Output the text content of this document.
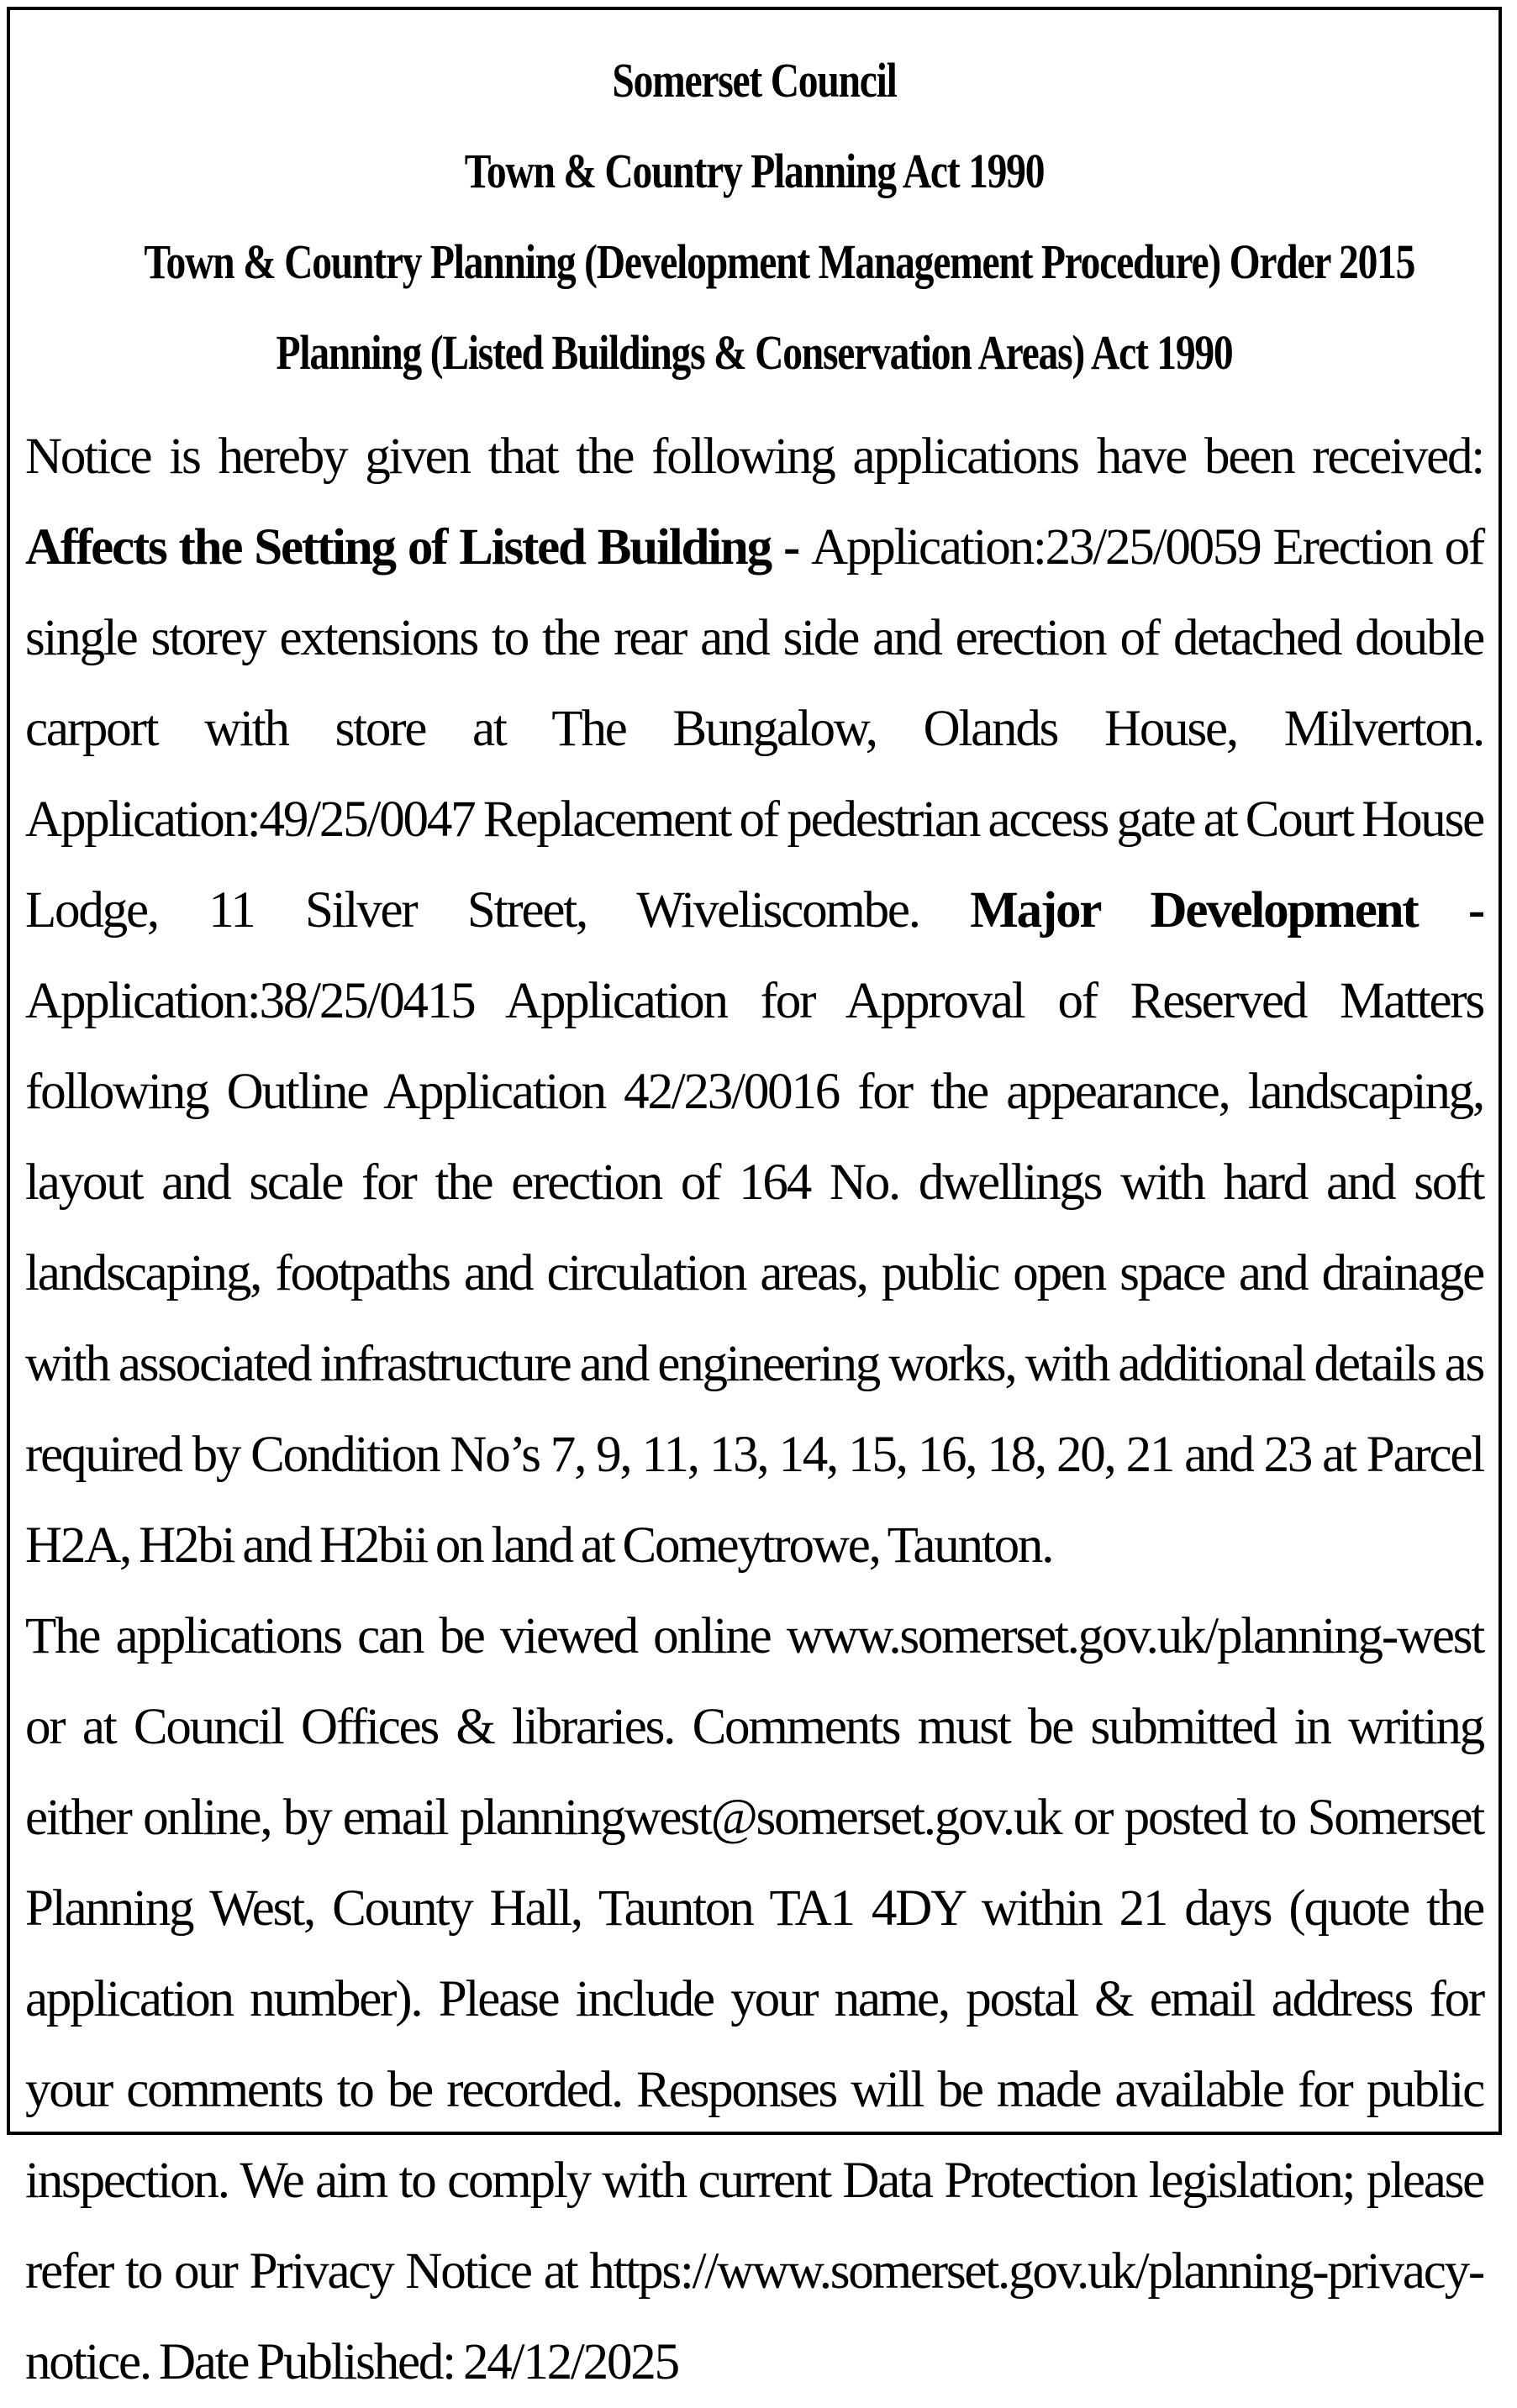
Somerset Council
Town & Country Planning Act 1990
Town & Country Planning (Development Management Procedure) Order 2015
Planning (Listed Buildings & Conservation Areas) Act 1990

Notice is hereby given that the following applications have been received: Affects the Setting of Listed Building - Application:23/25/0059 Erection of single storey extensions to the rear and side and erection of detached double carport with store at The Bungalow, Olands House, Milverton. Application:49/25/0047 Replacement of pedestrian access gate at Court House Lodge, 11 Silver Street, Wiveliscombe. Major Development - Application:38/25/0415 Application for Approval of Reserved Matters following Outline Application 42/23/0016 for the appearance, landscaping, layout and scale for the erection of 164 No. dwellings with hard and soft landscaping, footpaths and circulation areas, public open space and drainage with associated infrastructure and engineering works, with additional details as required by Condition No’s 7, 9, 11, 13, 14, 15, 16, 18, 20, 21 and 23 at Parcel H2A, H2bi and H2bii on land at Comeytrowe, Taunton.

The applications can be viewed online www.somerset.gov.uk/planning-west or at Council Offices & libraries. Comments must be submitted in writing either online, by email planningwest@somerset.gov.uk or posted to Somerset Planning West, County Hall, Taunton TA1 4DY within 21 days (quote the application number). Please include your name, postal & email address for your comments to be recorded. Responses will be made available for public inspection. We aim to comply with current Data Protection legislation; please refer to our Privacy Notice at https://www.somerset.gov.uk/planning-privacy-notice. Date Published: 24/12/2025
